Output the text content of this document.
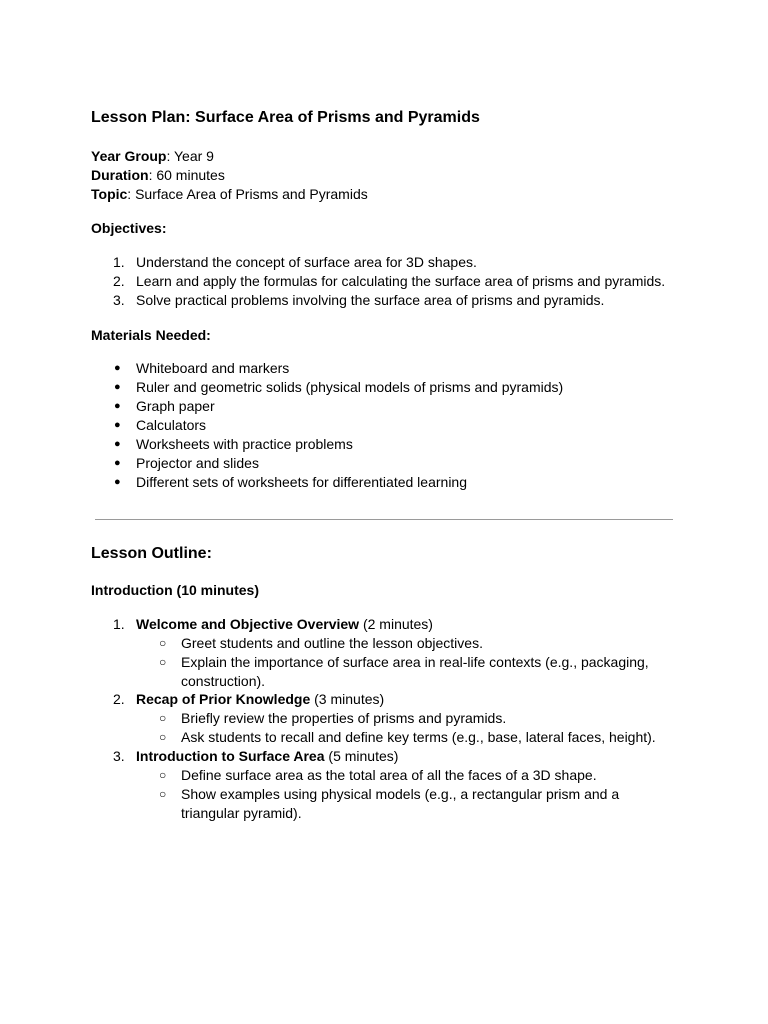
Lesson Plan: Surface Area of Prisms and Pyramids
Year Group: Year 9
Duration: 60 minutes
Topic: Surface Area of Prisms and Pyramids
Objectives:
1. Understand the concept of surface area for 3D shapes.
2. Learn and apply the formulas for calculating the surface area of prisms and pyramids.
3. Solve practical problems involving the surface area of prisms and pyramids.
Materials Needed:
●	Whiteboard and markers
●	Ruler and geometric solids (physical models of prisms and pyramids)
●	Graph paper
●	Calculators
●	Worksheets with practice problems
●	Projector and slides
●	Different sets of worksheets for differentiated learning
Lesson Outline:
Introduction (10 minutes)
1. Welcome and Objective Overview (2 minutes)
○ Greet students and outline the lesson objectives.
○ Explain the importance of surface area in real-life contexts (e.g., packaging, construction).
2. Recap of Prior Knowledge (3 minutes)
○ Briefly review the properties of prisms and pyramids.
○ Ask students to recall and define key terms (e.g., base, lateral faces, height).
3. Introduction to Surface Area (5 minutes)
○ Define surface area as the total area of all the faces of a 3D shape.
○ Show examples using physical models (e.g., a rectangular prism and a triangular pyramid).
